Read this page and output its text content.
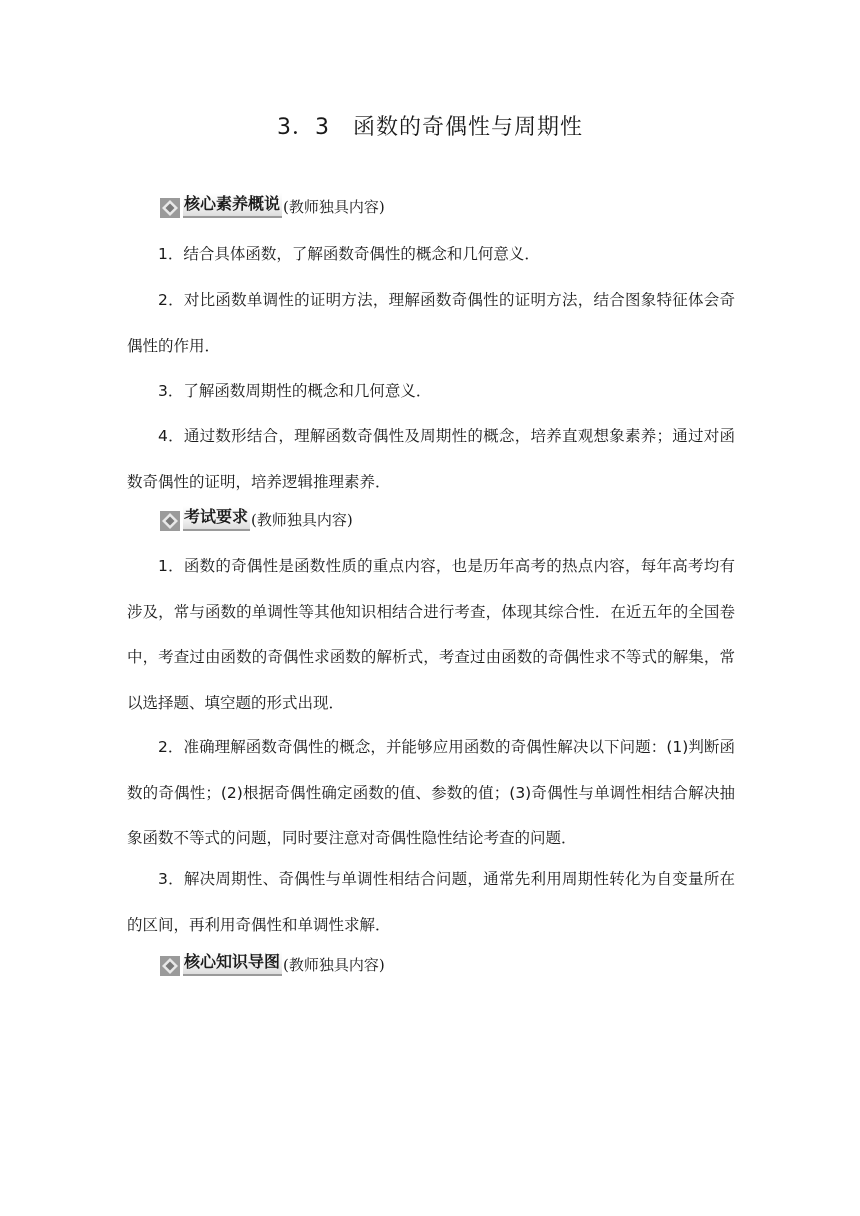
3．3　函数的奇偶性与周期性
核心素养概说 (教师独具内容)

1．结合具体函数，了解函数奇偶性的概念和几何意义．

2．对比函数单调性的证明方法，理解函数奇偶性的证明方法，结合图象特征体会奇偶性的作用．

3．了解函数周期性的概念和几何意义．

4．通过数形结合，理解函数奇偶性及周期性的概念，培养直观想象素养；通过对函数奇偶性的证明，培养逻辑推理素养．

考试要求 (教师独具内容)

1．函数的奇偶性是函数性质的重点内容，也是历年高考的热点内容，每年高考均有涉及，常与函数的单调性等其他知识相结合进行考查，体现其综合性．在近五年的全国卷中，考查过由函数的奇偶性求函数的解析式，考查过由函数的奇偶性求不等式的解集，常以选择题、填空题的形式出现．

2．准确理解函数奇偶性的概念，并能够应用函数的奇偶性解决以下问题：(1)判断函数的奇偶性；(2)根据奇偶性确定函数的值、参数的值；(3)奇偶性与单调性相结合解决抽象函数不等式的问题，同时要注意对奇偶性隐性结论考查的问题．

3．解决周期性、奇偶性与单调性相结合问题，通常先利用周期性转化为自变量所在的区间，再利用奇偶性和单调性求解．

核心知识导图 (教师独具内容)
